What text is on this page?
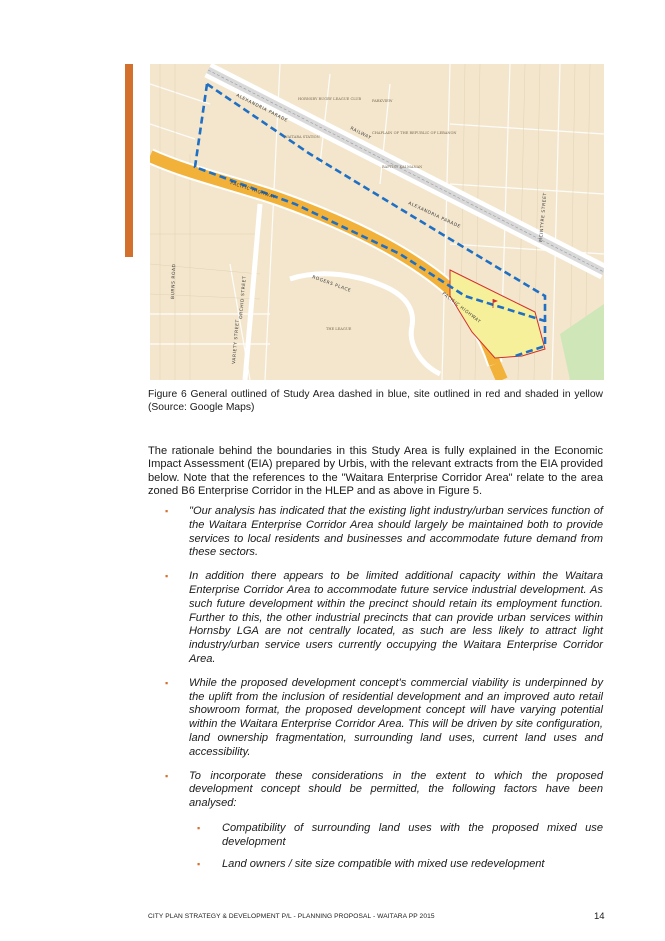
ALEXANDRIA PARADE
PACIFIC HIGHWAY
PACIFIC HIGHWAY
ALEXANDRIA PARADE
BURNS ROAD
RAILWAY
MCINTYRE STREET
ROGERS PLACE
THE LEAGUE
WAITARA STATION
ORCHID STREET
VARIETY STREET
HORNSBY RUGBY LEAGUE CLUB	PARKVIEW
CHAPLAIN OF THE REPUBLIC OF LEBANON
BAPTIST KAI MANAN
Figure 6 General outlined of Study Area dashed in blue, site outlined in red and shaded in yellow (Source: Google Maps)

The rationale behind the boundaries in this Study Area is fully explained in the Economic Impact Assessment (EIA) prepared by Urbis, with the relevant extracts from the EIA provided below. Note that the references to the "Waitara Enterprise Corridor Area" relate to the area zoned B6 Enterprise Corridor in the HLEP and as above in Figure 5.

▪ "Our analysis has indicated that the existing light industry/urban services function of the Waitara Enterprise Corridor Area should largely be maintained both to provide services to local residents and businesses and accommodate future demand from these sectors.
▪ In addition there appears to be limited additional capacity within the Waitara Enterprise Corridor Area to accommodate future service industrial development. As such future development within the precinct should retain its employment function. Further to this, the other industrial precincts that can provide urban services within Hornsby LGA are not centrally located, as such are less likely to attract light industry/urban service users currently occupying the Waitara Enterprise Corridor Area.
▪ While the proposed development concept's commercial viability is underpinned by the uplift from the inclusion of residential development and an improved auto retail showroom format, the proposed development concept will have varying potential within the Waitara Enterprise Corridor Area. This will be driven by site configuration, land ownership fragmentation, surrounding land uses, current land uses and accessibility.
▪ To incorporate these considerations in the extent to which the proposed development concept should be permitted, the following factors have been analysed:
▪ Compatibility of surrounding land uses with the proposed mixed use development
▪ Land owners / site size compatible with mixed use redevelopment
CITY PLAN STRATEGY & DEVELOPMENT P/L - PLANNING PROPOSAL - WAITARA PP 2015	14
